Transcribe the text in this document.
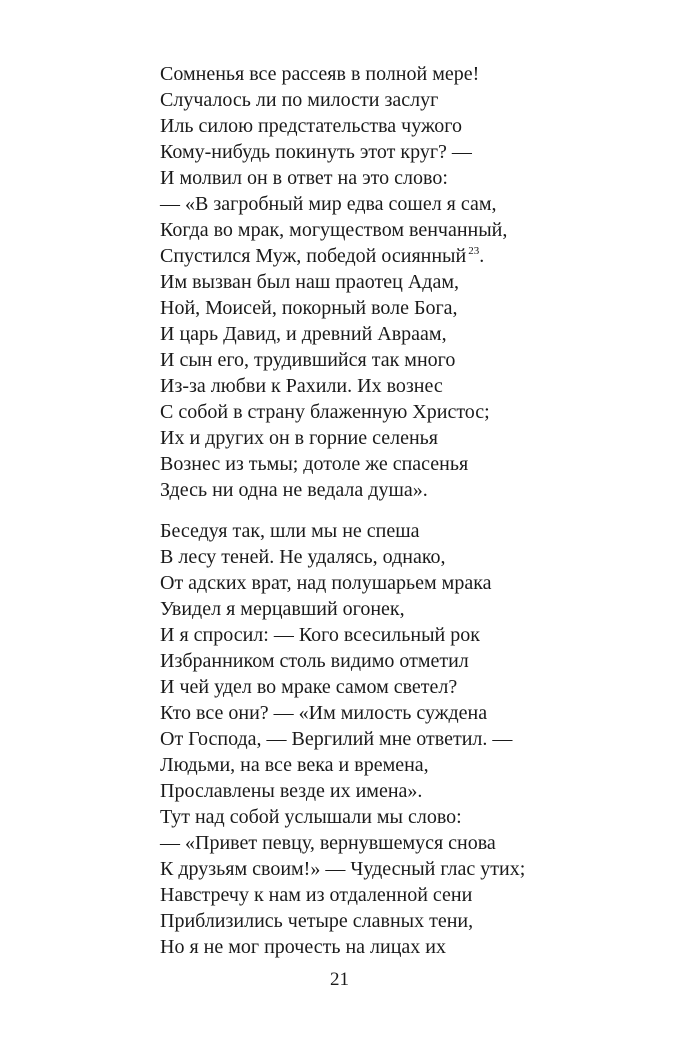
Сомненья все рассеяв в полной мере!
Случалось ли по милости заслуг
Иль силою предстательства чужого
Кому-нибудь покинуть этот круг? —
И молвил он в ответ на это слово:
— «В загробный мир едва сошел я сам,
Когда во мрак, могуществом венчанный,
Спустился Муж, победой осиянный $^{23}$.
Им вызван был наш праотец Адам,
Ной, Моисей, покорный воле Бога,
И царь Давид, и древний Авраам,
И сын его, трудившийся так много
Из-за любви к Рахили. Их вознес
С собой в страну блаженную Христос;
Их и других он в горние селенья
Вознес из тьмы; дотоле же спасенья
Здесь ни одна не ведала душа».
Беседуя так, шли мы не спеша
В лесу теней. Не удалясь, однако,
От адских врат, над полушарьем мрака
Увидел я мерцавший огонек,
И я спросил: — Кого всесильный рок
Избранником столь видимо отметил
И чей удел во мраке самом светел?
Кто все они? — «Им милость суждена
От Господа, — Вергилий мне ответил. —
Людьми, на все века и времена,
Прославлены везде их имена».
Тут над собой услышали мы слово:
— «Привет певцу, вернувшемуся снова
К друзьям своим!» — Чудесный глас утих;
Навстречу к нам из отдаленной сени
Приблизились четыре славных тени,
Но я не мог прочесть на лицах их
21
